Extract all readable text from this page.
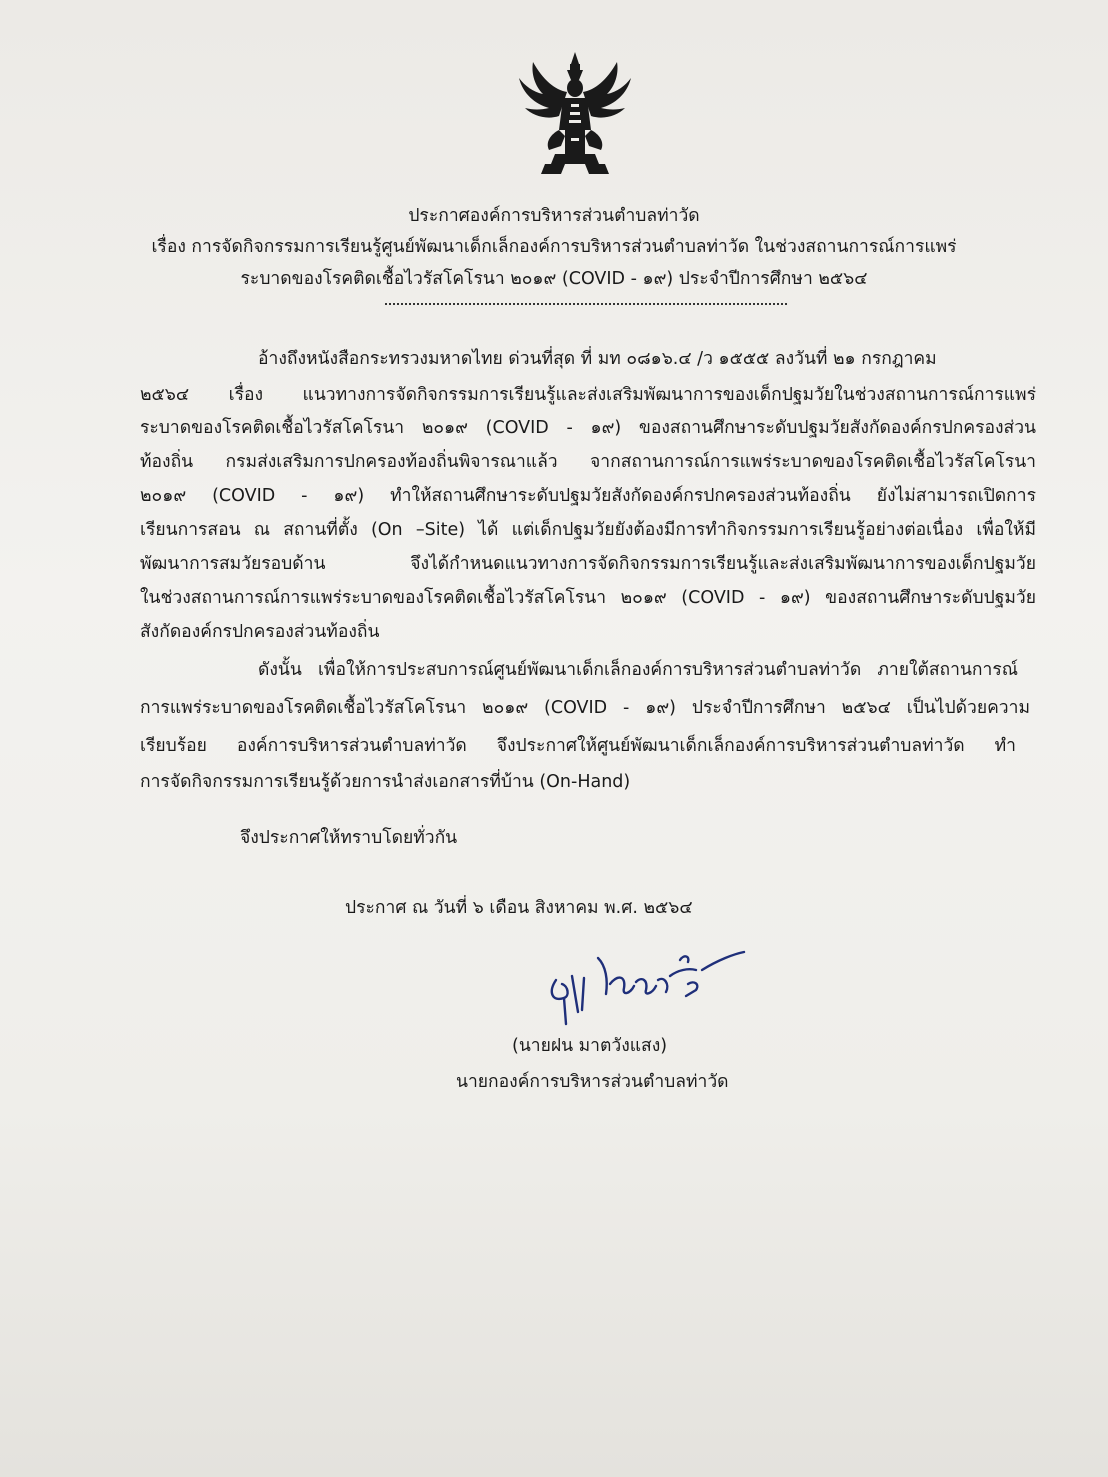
ประกาศองค์การบริหารส่วนตำบลท่าวัด
เรื่อง การจัดกิจกรรมการเรียนรู้ศูนย์พัฒนาเด็กเล็กองค์การบริหารส่วนตำบลท่าวัด ในช่วงสถานการณ์การแพร่
ระบาดของโรคติดเชื้อไวรัสโคโรนา ๒๐๑๙ (COVID - ๑๙) ประจำปีการศึกษา ๒๕๖๔
อ้างถึงหนังสือกระทรวงมหาดไทย ด่วนที่สุด ที่ มท ๐๘๑๖.๔ /ว ๑๕๕๕ ลงวันที่ ๒๑ กรกฎาคม
๒๕๖๔ เรื่อง แนวทางการจัดกิจกรรมการเรียนรู้และส่งเสริมพัฒนาการของเด็กปฐมวัยในช่วงสถานการณ์การแพร่
ระบาดของโรคติดเชื้อไวรัสโคโรนา ๒๐๑๙ (COVID - ๑๙) ของสถานศึกษาระดับปฐมวัยสังกัดองค์กรปกครองส่วน
ท้องถิ่น กรมส่งเสริมการปกครองท้องถิ่นพิจารณาแล้ว จากสถานการณ์การแพร่ระบาดของโรคติดเชื้อไวรัสโคโรนา
๒๐๑๙ (COVID - ๑๙) ทำให้สถานศึกษาระดับปฐมวัยสังกัดองค์กรปกครองส่วนท้องถิ่น ยังไม่สามารถเปิดการ
เรียนการสอน ณ สถานที่ตั้ง (On –Site) ได้ แต่เด็กปฐมวัยยังต้องมีการทำกิจกรรมการเรียนรู้อย่างต่อเนื่อง เพื่อให้มี
พัฒนาการสมวัยรอบด้าน จึงได้กำหนดแนวทางการจัดกิจกรรมการเรียนรู้และส่งเสริมพัฒนาการของเด็กปฐมวัย
ในช่วงสถานการณ์การแพร่ระบาดของโรคติดเชื้อไวรัสโคโรนา ๒๐๑๙ (COVID - ๑๙) ของสถานศึกษาระดับปฐมวัย
สังกัดองค์กรปกครองส่วนท้องถิ่น
ดังนั้น เพื่อให้การประสบการณ์ศูนย์พัฒนาเด็กเล็กองค์การบริหารส่วนตำบลท่าวัด ภายใต้สถานการณ์
การแพร่ระบาดของโรคติดเชื้อไวรัสโคโรนา ๒๐๑๙ (COVID - ๑๙) ประจำปีการศึกษา ๒๕๖๔ เป็นไปด้วยความ
เรียบร้อย องค์การบริหารส่วนตำบลท่าวัด จึงประกาศให้ศูนย์พัฒนาเด็กเล็กองค์การบริหารส่วนตำบลท่าวัด ทำ
การจัดกิจกรรมการเรียนรู้ด้วยการนำส่งเอกสารที่บ้าน (On-Hand)
จึงประกาศให้ทราบโดยทั่วกัน
ประกาศ ณ วันที่ ๖ เดือน สิงหาคม พ.ศ. ๒๕๖๔
(นายฝน มาตวังแสง)
นายกองค์การบริหารส่วนตำบลท่าวัด
